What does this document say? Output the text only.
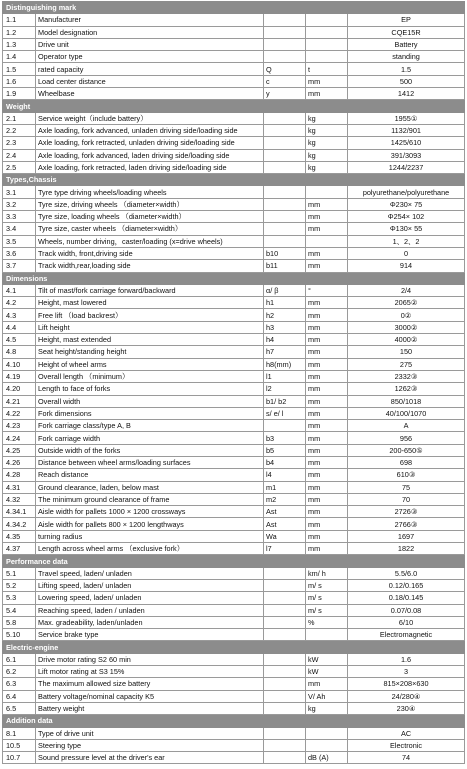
Distinguishing mark				
1.1	Manufacturer			EP
1.2	Model designation			CQE15R
1.3	Drive unit			Battery
1.4	Operator type			standing
1.5	rated capacity	Q	t	1.5
1.6	Load center distance	c	mm	500
1.9	Wheelbase	y	mm	1412
Weight				
2.1	Service weight（include battery）		kg	1955①
2.2	Axle loading, fork advanced, unladen driving side/loading side		kg	1132/901
2.3	Axle loading, fork retracted, unladen driving side/loading side		kg	1425/610
2.4	Axle loading, fork advanced, laden driving side/loading side		kg	391/3093
2.5	Axle loading, fork retracted, laden driving side/loading side		kg	1244/2237
Types,Chassis				
3.1	Tyre type driving wheels/loading wheels			polyurethane/polyurethane
3.2	Tyre size, driving wheels （diameter×width）		mm	Φ230× 75
3.3	Tyre size, loading wheels （diameter×width）		mm	Φ254× 102
3.4	Tyre size, caster wheels （diameter×width）		mm	Φ130× 55
3.5	Wheels, number driving，caster/loading (x=drive wheels)			1、2、2
3.6	Track width, front,driving side	b10	mm	0
3.7	Track width,rear,loading side	b11	mm	914
Dimensions				
4.1	Tilt of mast/fork carriage forward/backward	α/ β	°	2/4
4.2	Height, mast lowered	h1	mm	2065②
4.3	Free lift （load backrest）	h2	mm	0②
4.4	Lift height	h3	mm	3000②
4.5	Height, mast extended	h4	mm	4000②
4.8	Seat height/standing height	h7	mm	150
4.10	Height of wheel arms	h8(mm)	mm	275
4.19	Overall length （minimum）	l1	mm	2332③
4.20	Length to face of forks	l2	mm	1262③
4.21	Overall width	b1/ b2	mm	850/1018
4.22	Fork dimensions	s/ e/ l	mm	40/100/1070
4.23	Fork carriage class/type A, B		mm	A
4.24	Fork carriage width	b3	mm	956
4.25	Outside width of the forks	b5	mm	200-650⑤
4.26	Distance between wheel arms/loading surfaces	b4	mm	698
4.28	Reach distance	l4	mm	610③
4.31	Ground clearance, laden, below mast	m1	mm	75
4.32	The minimum ground clearance of frame	m2	mm	70
4.34.1	Aisle width for pallets 1000 × 1200 crossways	Ast	mm	2726③
4.34.2	Aisle width for pallets 800 × 1200 lengthways	Ast	mm	2766③
4.35	turning radius	Wa	mm	1697
4.37	Length across wheel arms （exclusive fork）	l7	mm	1822
Performance data				
5.1	Travel speed, laden/ unladen		km/ h	5.5/6.0
5.2	Lifting speed, laden/ unladen		m/ s	0.12/0.165
5.3	Lowering speed, laden/ unladen		m/ s	0.18/0.145
5.4	Reaching speed, laden / unladen		m/ s	0.07/0.08
5.8	Max. gradeability, laden/unladen		%	6/10
5.10	Service brake type			Electromagnetic
Electric-engine				
6.1	Drive motor rating S2 60 min		kW	1.6
6.2	Lift motor rating at S3 15%		kW	3
6.3	The maximum allowed size battery		mm	815×208×630
6.4	Battery voltage/nominal capacity K5		V/ Ah	24/280④
6.5	Battery weight		kg	230④
Addition data				
8.1	Type of drive unit			AC
10.5	Steering type			Electronic
10.7	Sound pressure level at the driver's ear		dB (A)	74
